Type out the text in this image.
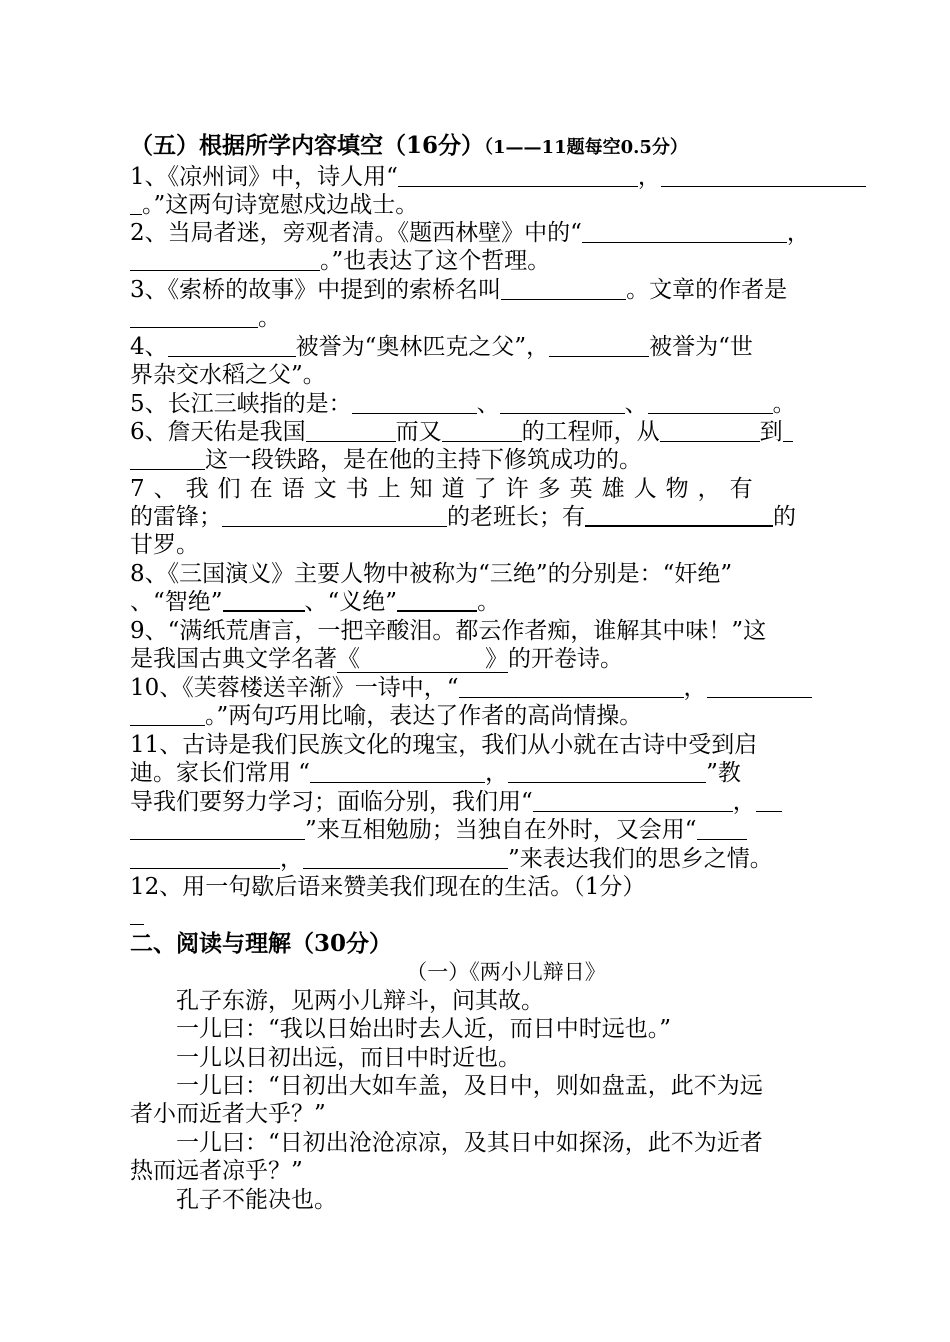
（五）根据所学内容填空（16分）（1——11题每空0.5分）
1、《凉州词》中，诗人用“	，
。”这两句诗宽慰戍边战士。
2、当局者迷，旁观者清。《题西林壁》中的“	，
。”也表达了这个哲理。
3、《索桥的故事》中提到的索桥名叫	。文章的作者是
。
4、	被誉为“奥林匹克之父”，	被誉为“世
界杂交水稻之父”。
5、长江三峡指的是：	、	、	。
6、詹天佑是我国	而又	的工程师，从	到
这一段铁路，是在他的主持下修筑成功的。
7、我们在语文书上知道了许多英雄人物，有
的雷锋；	的老班长；有	的
甘罗。
8、《三国演义》主要人物中被称为“三绝”的分别是：“奸绝”
、“智绝”	、“义绝”	。
9、“满纸荒唐言，一把辛酸泪。都云作者痴，谁解其中味！”这
是我国古典文学名著《	》的开卷诗。
10、《芙蓉楼送辛渐》一诗中，“	，
。”两句巧用比喻，表达了作者的高尚情操。
11、古诗是我们民族文化的瑰宝，我们从小就在古诗中受到启
迪。家长们常用 “	，	”教
导我们要努力学习；面临分别，我们用“	，
”来互相勉励；当独自在外时，又会用“
，	”来表达我们的思乡之情。
12、用一句歇后语来赞美我们现在的生活。（1分）
二、阅读与理解（30分）
（一）《两小儿辩日》
孔子东游，见两小儿辩斗，问其故。
一儿曰：“我以日始出时去人近，而日中时远也。”
一儿以日初出远，而日中时近也。
一儿曰：“日初出大如车盖，及日中，则如盘盂，此不为远
者小而近者大乎？”
一儿曰：“日初出沧沧凉凉，及其日中如探汤，此不为近者
热而远者凉乎？”
孔子不能决也。
